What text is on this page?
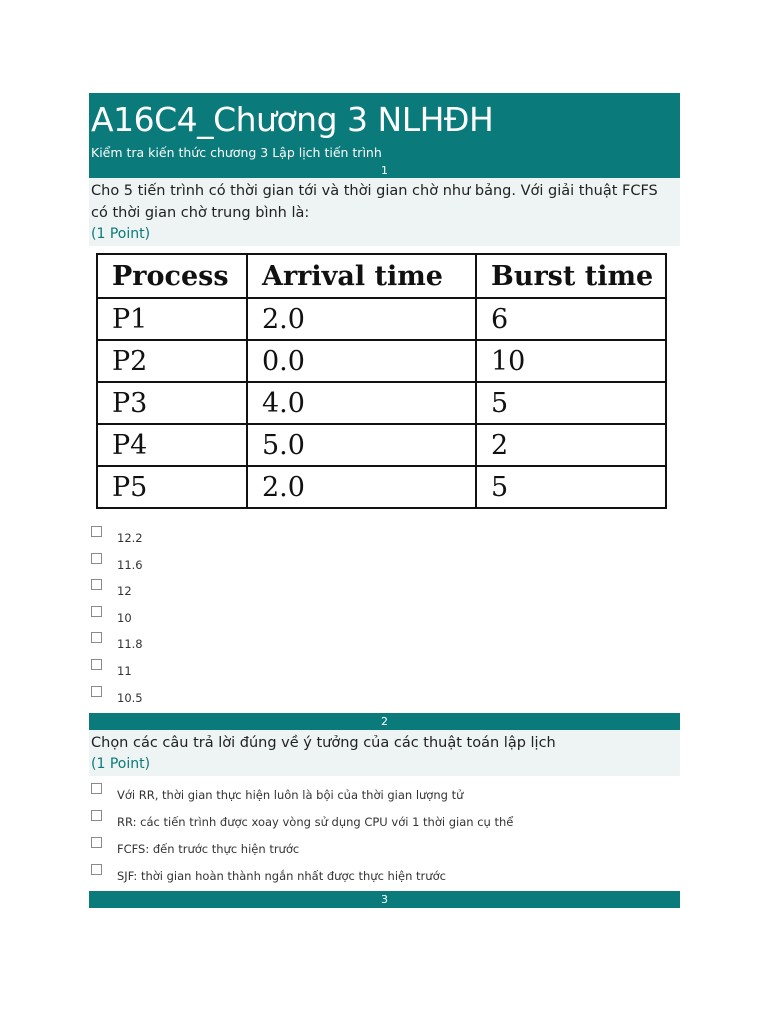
A16C4_Chương 3 NLHĐH
Kiểm tra kiến thức chương 3 Lập lịch tiến trình
1
Cho 5 tiến trình có thời gian tới và thời gian chờ như bảng. Với giải thuật FCFS có thời gian chờ trung bình là:
(1 Point)
Process	Arrival time	Burst time
P1	2.0	6
P2	0.0	10
P3	4.0	5
P4	5.0	2
P5	2.0	5
12.2
11.6
12
10
11.8
11
10.5
2
Chọn các câu trả lời đúng về ý tưởng của các thuật toán lập lịch
(1 Point)
Với RR, thời gian thực hiện luôn là bội của thời gian lượng tử
RR: các tiến trình được xoay vòng sử dụng CPU với 1 thời gian cụ thể
FCFS: đến trước thực hiện trước
SJF: thời gian hoàn thành ngắn nhất được thực hiện trước
3
